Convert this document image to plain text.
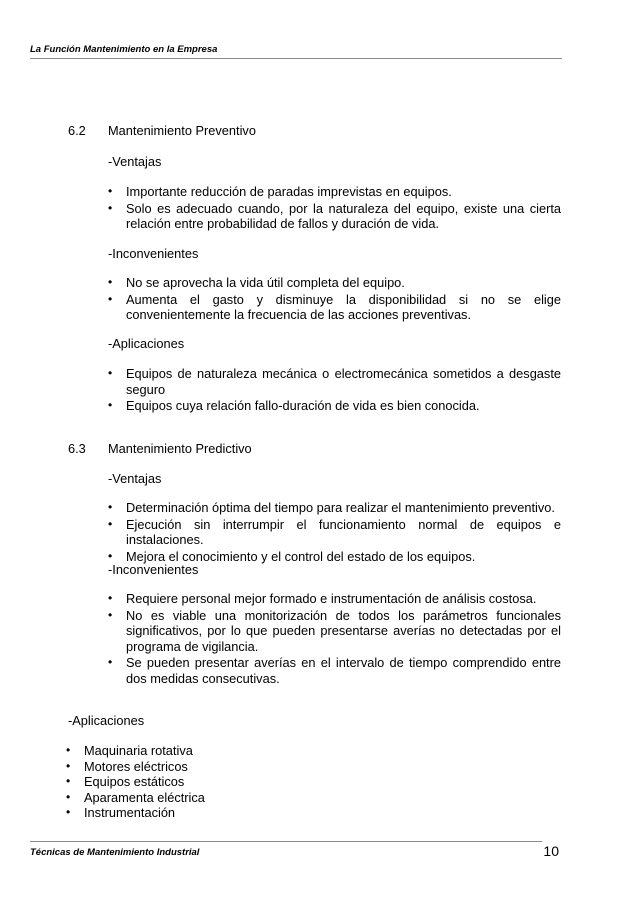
La Función Mantenimiento en la Empresa
6.2 Mantenimiento Preventivo
-Ventajas
• Importante reducción de paradas imprevistas en equipos.
• Solo es adecuado cuando, por la naturaleza del equipo, existe una cierta relación entre probabilidad de fallos y duración de vida.
-Inconvenientes
• No se aprovecha la vida útil completa del equipo.
• Aumenta el gasto y disminuye la disponibilidad si no se elige convenientemente la frecuencia de las acciones preventivas.
-Aplicaciones
• Equipos de naturaleza mecánica o electromecánica sometidos a desgaste seguro
• Equipos cuya relación fallo-duración de vida es bien conocida.
6.3 Mantenimiento Predictivo
-Ventajas
• Determinación óptima del tiempo para realizar el mantenimiento preventivo.
• Ejecución sin interrumpir el funcionamiento normal de equipos e instalaciones.
• Mejora el conocimiento y el control del estado de los equipos.
-Inconvenientes
• Requiere personal mejor formado e instrumentación de análisis costosa.
• No es viable una monitorización de todos los parámetros funcionales significativos, por lo que pueden presentarse averías no detectadas por el programa de vigilancia.
• Se pueden presentar averías en el intervalo de tiempo comprendido entre dos medidas consecutivas.
-Aplicaciones
• Maquinaria rotativa
• Motores eléctricos
• Equipos estáticos
• Aparamenta eléctrica
• Instrumentación
Técnicas de Mantenimiento Industrial	10
